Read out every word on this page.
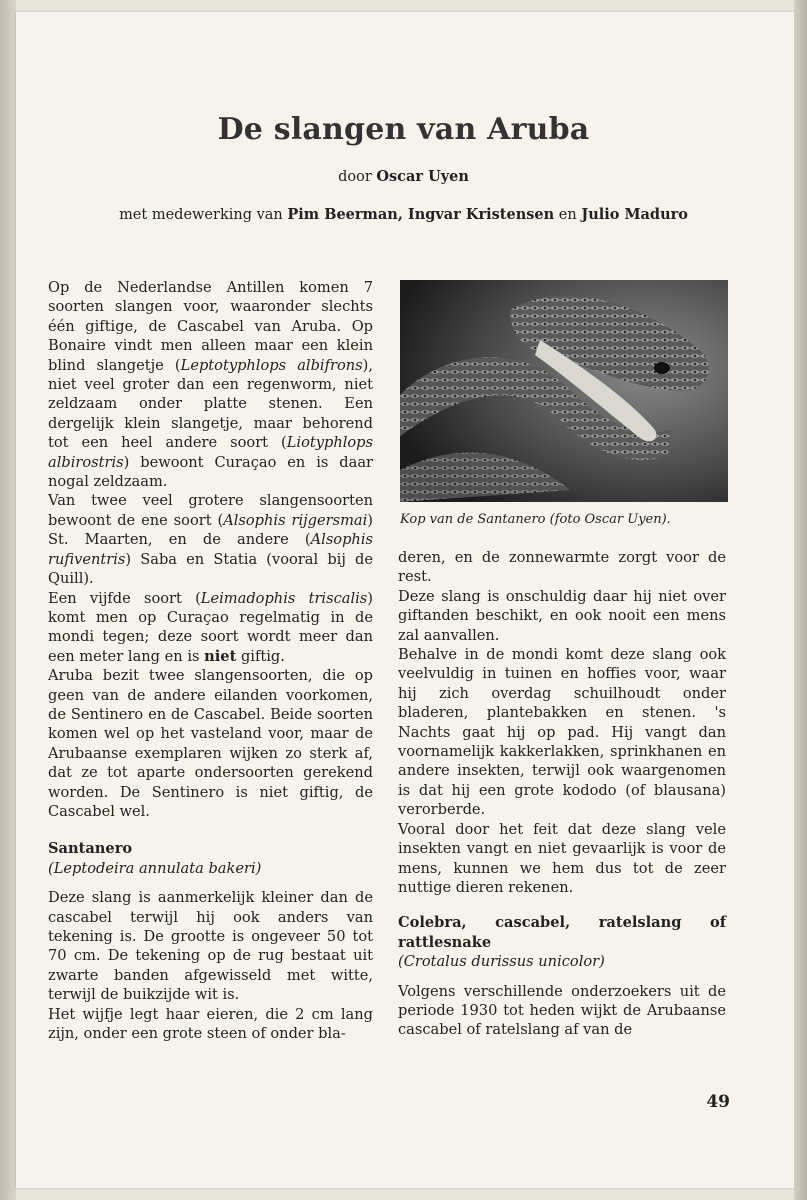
De slangen van Aruba
door Oscar Uyen
met medewerking van Pim Beerman, Ingvar Kristensen en Julio Maduro
Kop van de Santanero (foto Oscar Uyen).

Op de Nederlandse Antillen komen 7 soorten slangen voor, waaronder slechts één giftige, de Cascabel van Aruba. Op Bonaire vindt men alleen maar een klein blind slangetje (Leptotyphlops albifrons), niet veel groter dan een regenworm, niet zeldzaam onder platte stenen. Een dergelijk klein slangetje, maar behorend tot een heel andere soort (Liotyphlops albirostris) bewoont Curaçao en is daar nogal zeldzaam.

Van twee veel grotere slangensoorten bewoont de ene soort (Alsophis rijgersmai) St. Maarten, en de andere (Alsophis rufiventris) Saba en Statia (vooral bij de Quill).

Een vijfde soort (Leimadophis triscalis) komt men op Curaçao regelmatig in de mondi tegen; deze soort wordt meer dan een meter lang en is niet giftig.

Aruba bezit twee slangensoorten, die op geen van de andere eilanden voorkomen, de Sentinero en de Cascabel. Beide soorten komen wel op het vasteland voor, maar de Arubaanse exemplaren wijken zo sterk af, dat ze tot aparte ondersoorten gerekend worden. De Sentinero is niet giftig, de Cascabel wel.

Santanero

(Leptodeira annulata bakeri)

Deze slang is aanmerkelijk kleiner dan de cascabel terwijl hij ook anders van tekening is. De grootte is ongeveer 50 tot 70 cm. De tekening op de rug bestaat uit zwarte banden afgewisseld met witte, terwijl de buikzijde wit is.

Het wijfje legt haar eieren, die 2 cm lang zijn, onder een grote steen of onder bla-

deren, en de zonnewarmte zorgt voor de rest.

Deze slang is onschuldig daar hij niet over giftanden beschikt, en ook nooit een mens zal aanvallen.

Behalve in de mondi komt deze slang ook veelvuldig in tuinen en hoffies voor, waar hij zich overdag schuilhoudt onder bladeren, plantebakken en stenen. 's Nachts gaat hij op pad. Hij vangt dan voornamelijk kakkerlakken, sprinkhanen en andere insekten, terwijl ook waargenomen is dat hij een grote kododo (of blausana) verorberde.

Vooral door het feit dat deze slang vele insekten vangt en niet gevaarlijk is voor de mens, kunnen we hem dus tot de zeer nuttige dieren rekenen.

Colebra, cascabel, ratelslang of rattlesnake

(Crotalus durissus unicolor)

Volgens verschillende onderzoekers uit de periode 1930 tot heden wijkt de Arubaanse cascabel of ratelslang af van de

49
